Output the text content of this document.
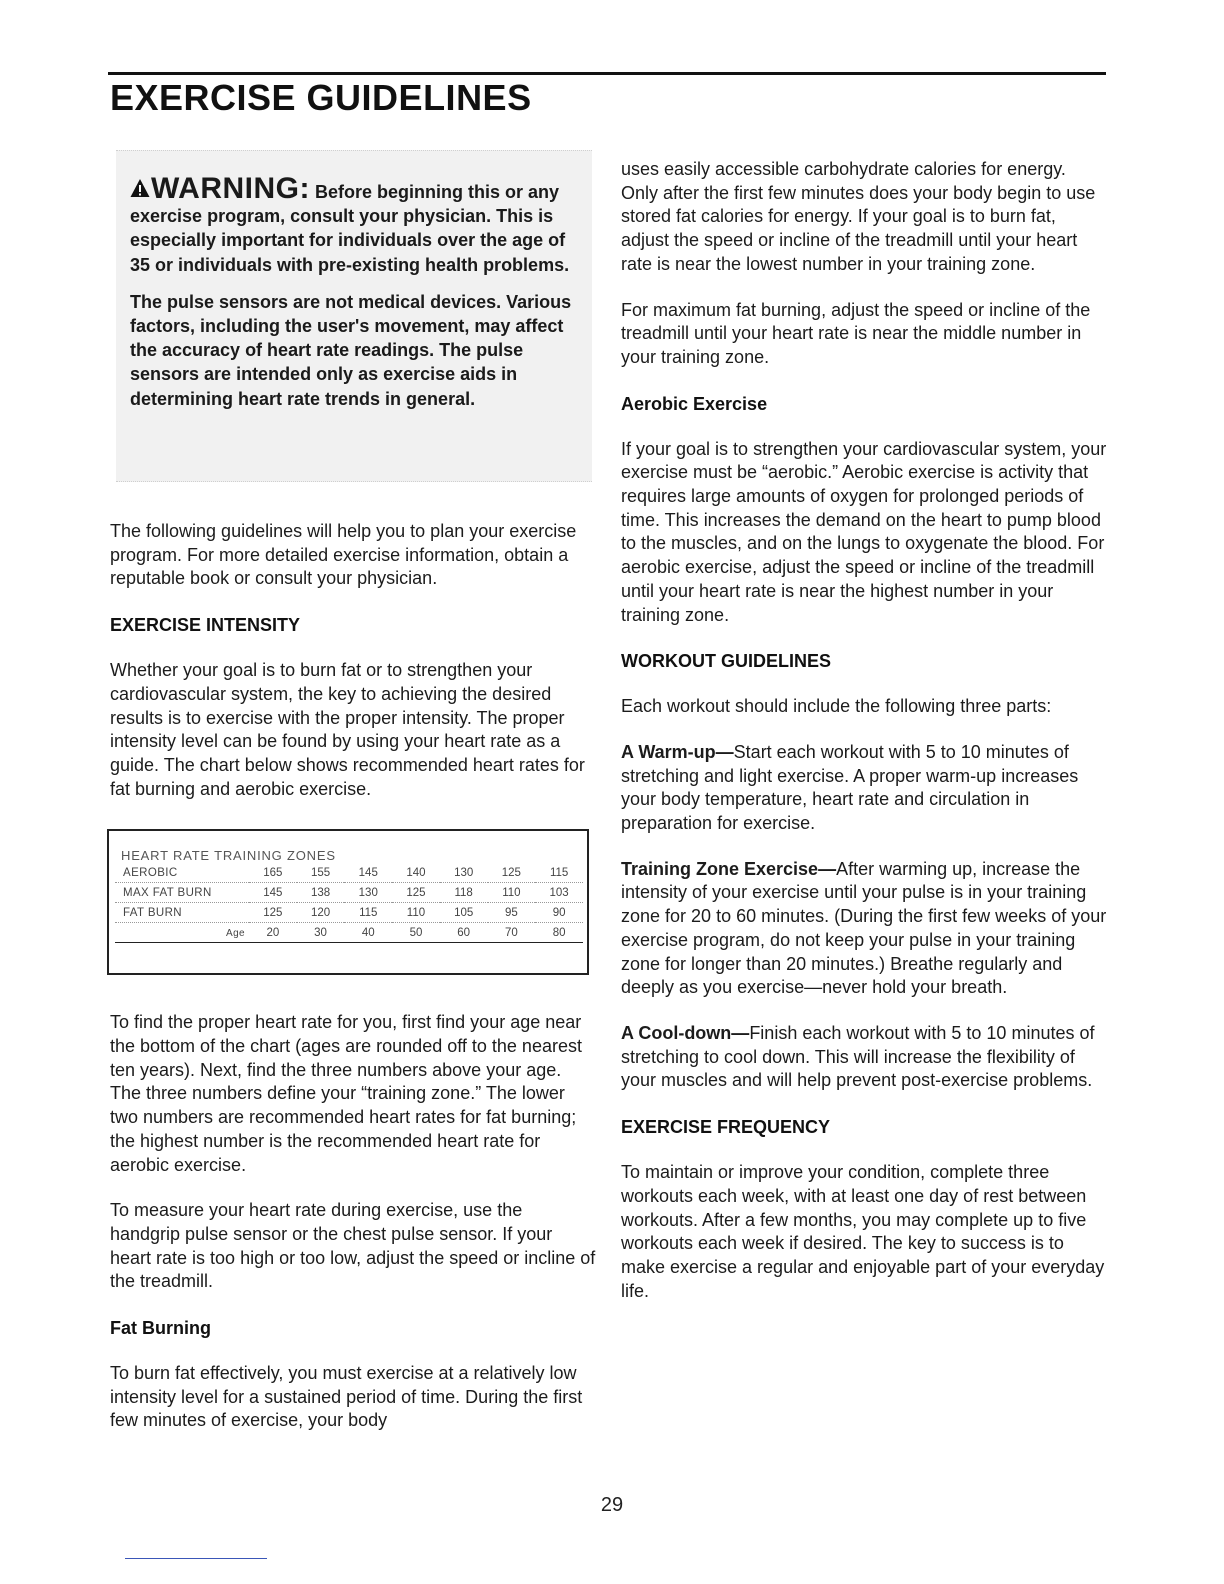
EXERCISE GUIDELINES

WARNING: Before beginning this or any exercise program, consult your physician. This is especially important for individuals over the age of 35 or individuals with pre-existing health problems.

The pulse sensors are not medical devices. Various factors, including the user's movement, may affect the accuracy of heart rate readings. The pulse sensors are intended only as exercise aids in determining heart rate trends in general.

The following guidelines will help you to plan your exercise program. For more detailed exercise information, obtain a reputable book or consult your physician.

EXERCISE INTENSITY

Whether your goal is to burn fat or to strengthen your cardiovascular system, the key to achieving the desired results is to exercise with the proper intensity. The proper intensity level can be found by using your heart rate as a guide. The chart below shows recommended heart rates for fat burning and aerobic exercise.

HEART RATE TRAINING ZONES
AEROBIC	165	155	145	140	130	125	115
MAX FAT BURN	145	138	130	125	118	110	103
FAT BURN	125	120	115	110	105	95	90
Age	20	30	40	50	60	70	80

To find the proper heart rate for you, first find your age near the bottom of the chart (ages are rounded off to the nearest ten years). Next, find the three numbers above your age. The three numbers define your “training zone.” The lower two numbers are recommended heart rates for fat burning; the highest number is the recommended heart rate for aerobic exercise.

To measure your heart rate during exercise, use the handgrip pulse sensor or the chest pulse sensor. If your heart rate is too high or too low, adjust the speed or incline of the treadmill.

Fat Burning

To burn fat effectively, you must exercise at a relatively low intensity level for a sustained period of time. During the first few minutes of exercise, your body

uses easily accessible carbohydrate calories for energy. Only after the first few minutes does your body begin to use stored fat calories for energy. If your goal is to burn fat, adjust the speed or incline of the treadmill until your heart rate is near the lowest number in your training zone.

For maximum fat burning, adjust the speed or incline of the treadmill until your heart rate is near the middle number in your training zone.

Aerobic Exercise

If your goal is to strengthen your cardiovascular system, your exercise must be “aerobic.” Aerobic exercise is activity that requires large amounts of oxygen for prolonged periods of time. This increases the demand on the heart to pump blood to the muscles, and on the lungs to oxygenate the blood. For aerobic exercise, adjust the speed or incline of the treadmill until your heart rate is near the highest number in your training zone.

WORKOUT GUIDELINES

Each workout should include the following three parts:

A Warm-up—Start each workout with 5 to 10 minutes of stretching and light exercise. A proper warm-up increases your body temperature, heart rate and circulation in preparation for exercise.

Training Zone Exercise—After warming up, increase the intensity of your exercise until your pulse is in your training zone for 20 to 60 minutes. (During the first few weeks of your exercise program, do not keep your pulse in your training zone for longer than 20 minutes.) Breathe regularly and deeply as you exercise—never hold your breath.

A Cool-down—Finish each workout with 5 to 10 minutes of stretching to cool down. This will increase the flexibility of your muscles and will help prevent post-exercise problems.

EXERCISE FREQUENCY

To maintain or improve your condition, complete three workouts each week, with at least one day of rest between workouts. After a few months, you may complete up to five workouts each week if desired. The key to success is to make exercise a regular and enjoyable part of your everyday life.

29
